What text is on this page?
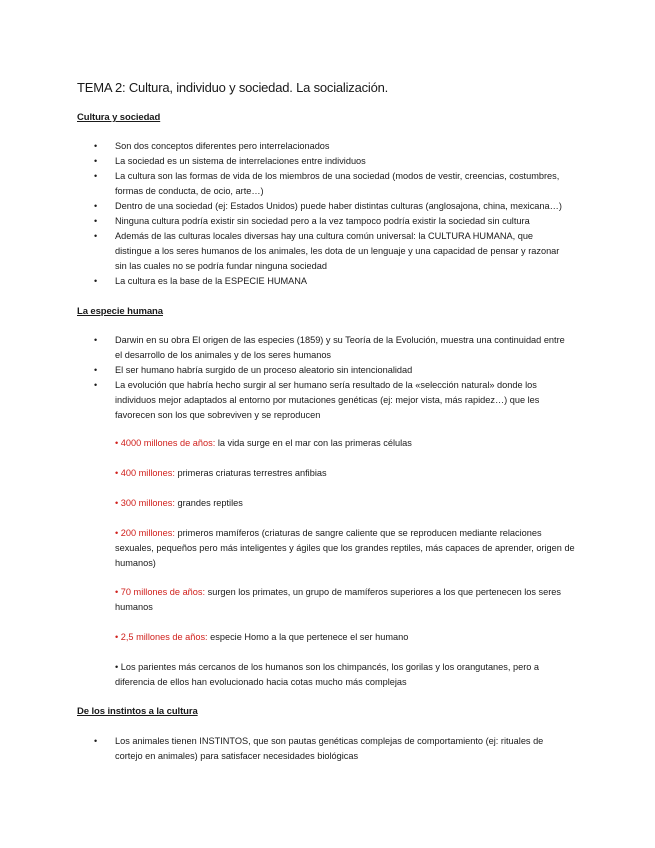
TEMA 2: Cultura, individuo y sociedad. La socialización.
Cultura y sociedad
• Son dos conceptos diferentes pero interrelacionados
• La sociedad es un sistema de interrelaciones entre individuos
• La cultura son las formas de vida de los miembros de una sociedad (modos de vestir, creencias, costumbres, formas de conducta, de ocio, arte…)
• Dentro de una sociedad (ej: Estados Unidos) puede haber distintas culturas (anglosajona, china, mexicana…)
• Ninguna cultura podría existir sin sociedad pero a la vez tampoco podría existir la sociedad sin cultura
• Además de las culturas locales diversas hay una cultura común universal: la CULTURA HUMANA, que distingue a los seres humanos de los animales, les dota de un lenguaje y una capacidad de pensar y razonar sin las cuales no se podría fundar ninguna sociedad
• La cultura es la base de la ESPECIE HUMANA
La especie humana
• Darwin en su obra El origen de las especies (1859) y su Teoría de la Evolución, muestra una continuidad entre el desarrollo de los animales y de los seres humanos
• El ser humano habría surgido de un proceso aleatorio sin intencionalidad
• La evolución que habría hecho surgir al ser humano sería resultado de la «selección natural» donde los individuos mejor adaptados al entorno por mutaciones genéticas (ej: mejor vista, más rapidez…) que les favorecen son los que sobreviven y se reproducen

• 4000 millones de años: la vida surge en el mar con las primeras células

• 400 millones: primeras criaturas terrestres anfibias

• 300 millones: grandes reptiles

• 200 millones: primeros mamíferos (criaturas de sangre caliente que se reproducen mediante relaciones sexuales, pequeños pero más inteligentes y ágiles que los grandes reptiles, más capaces de aprender, origen de humanos)

• 70 millones de años: surgen los primates, un grupo de mamíferos superiores a los que pertenecen los seres humanos

• 2,5 millones de años: especie Homo a la que pertenece el ser humano

• Los parientes más cercanos de los humanos son los chimpancés, los gorilas y los orangutanes, pero a diferencia de ellos han evolucionado hacia cotas mucho más complejas

De los instintos a la cultura
• Los animales tienen INSTINTOS, que son pautas genéticas complejas de comportamiento (ej: rituales de cortejo en animales) para satisfacer necesidades biológicas
